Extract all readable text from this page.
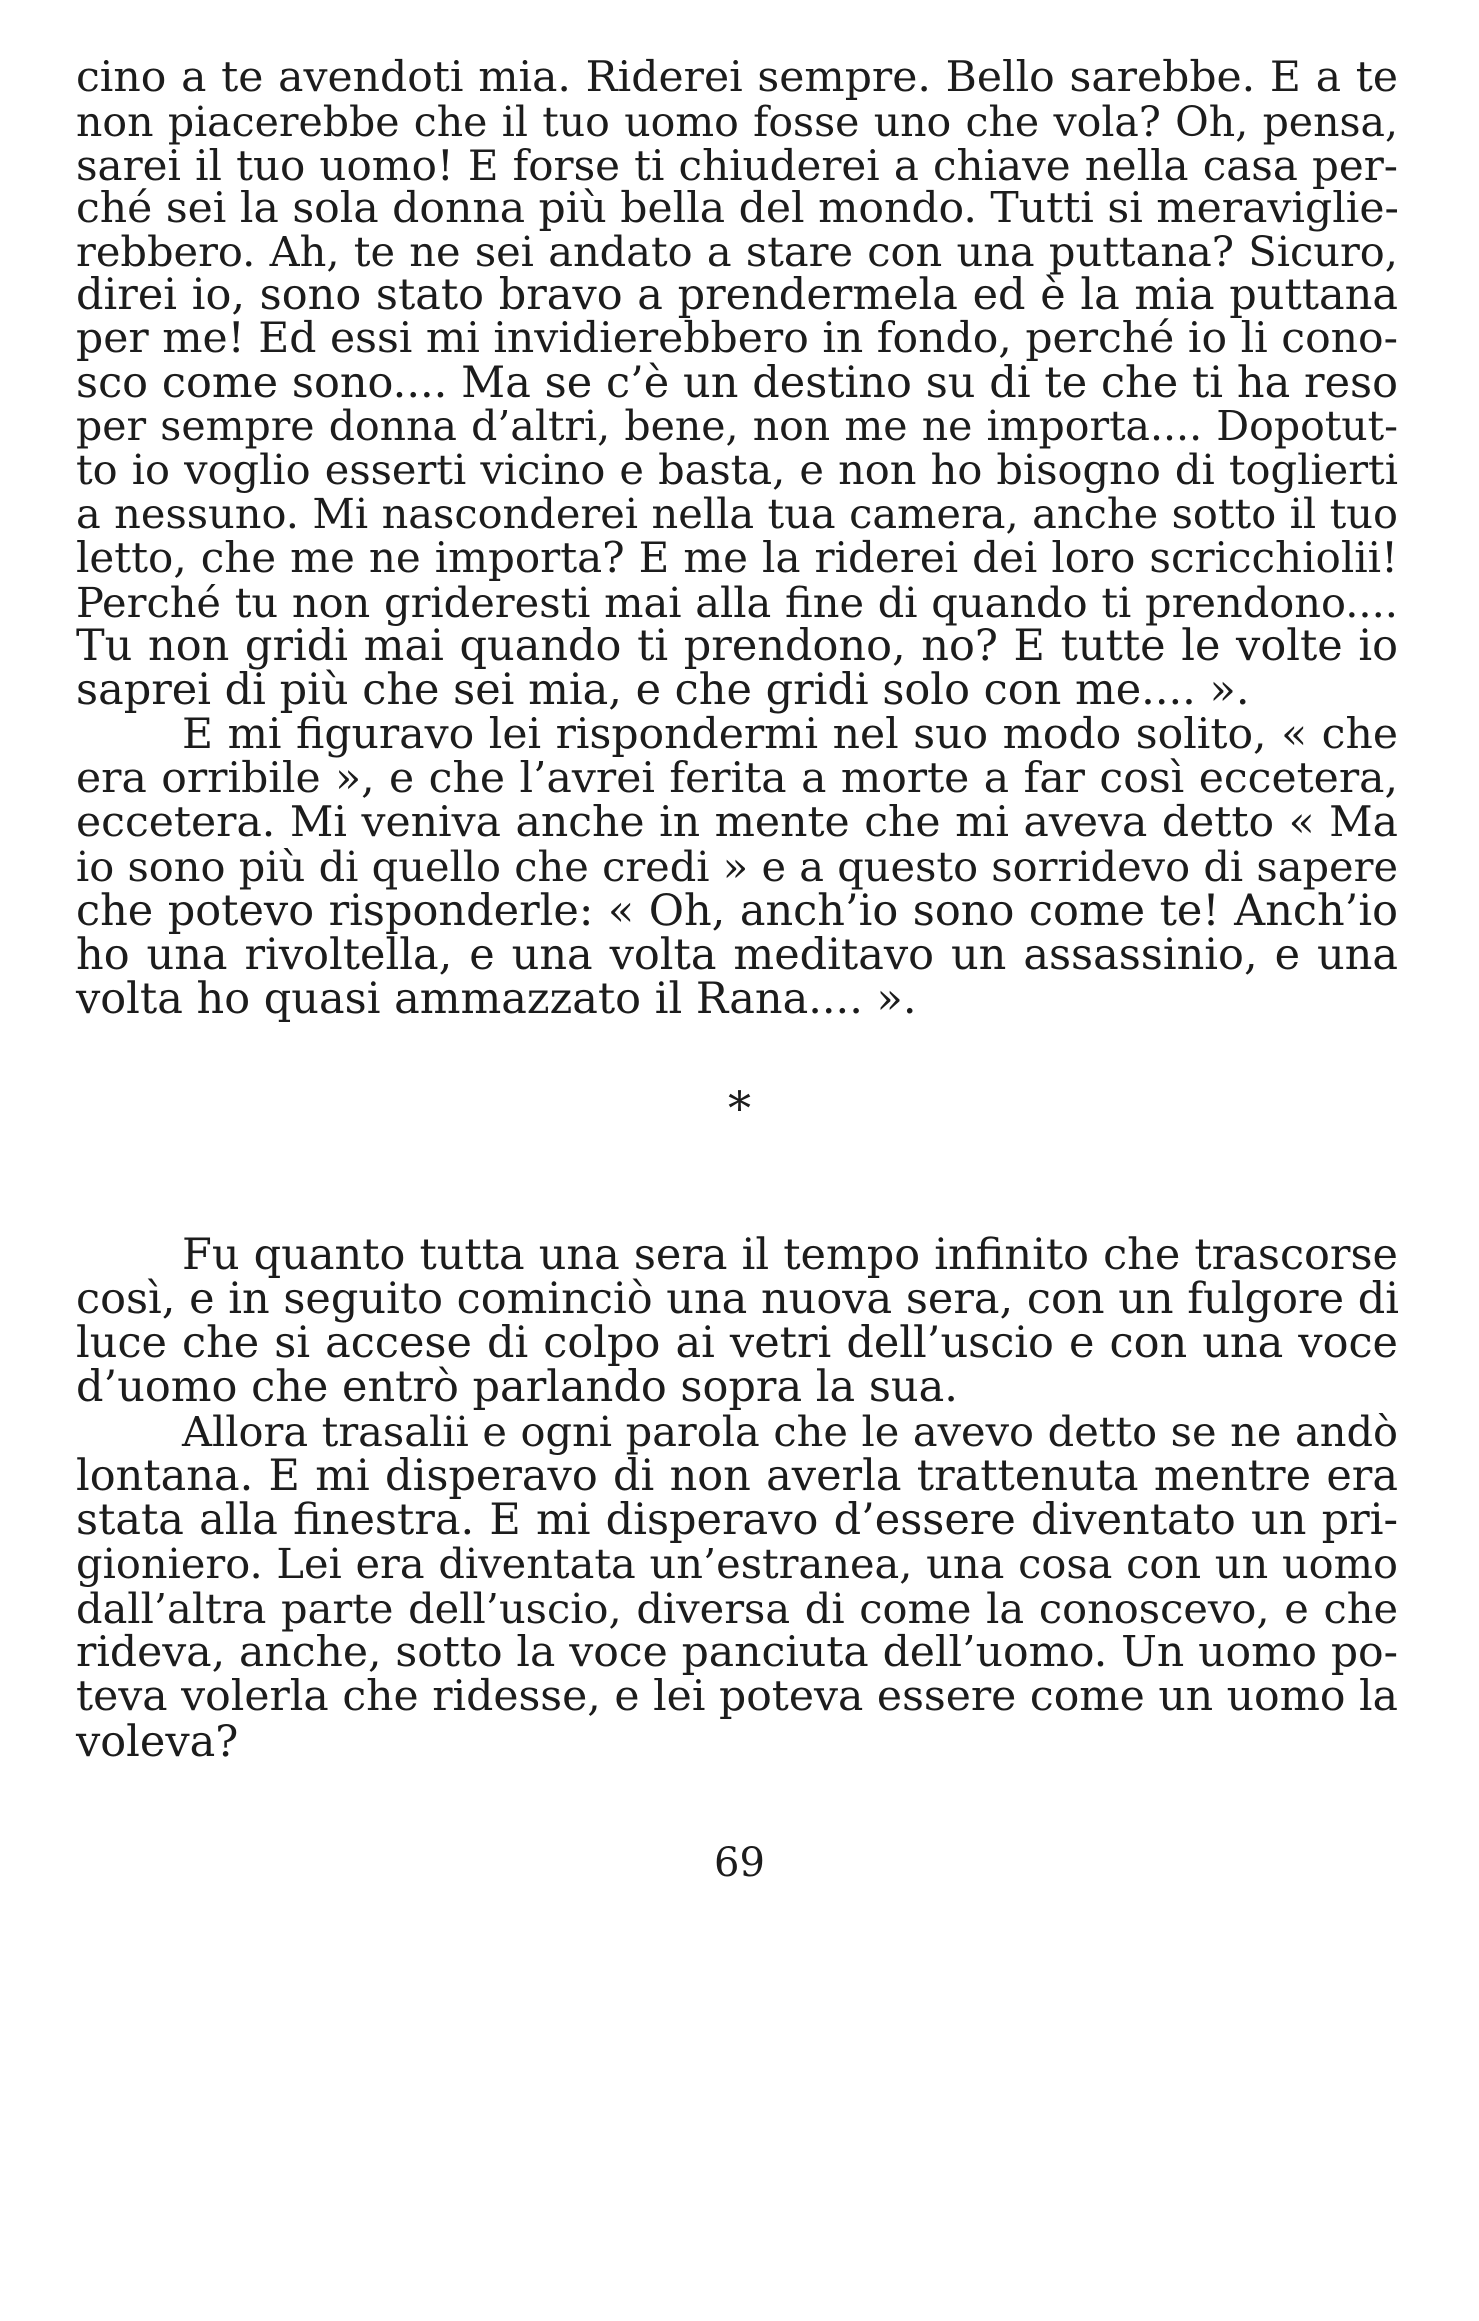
cino a te avendoti mia. Riderei sempre. Bello sarebbe. E a te
non piacerebbe che il tuo uomo fosse uno che vola? Oh, pensa,
sarei il tuo uomo! E forse ti chiuderei a chiave nella casa per-
ché sei la sola donna più bella del mondo. Tutti si meraviglie-
rebbero. Ah, te ne sei andato a stare con una puttana? Sicuro,
direi io, sono stato bravo a prendermela ed è la mia puttana
per me! Ed essi mi invidierebbero in fondo, perché io li cono-
sco come sono.... Ma se c’è un destino su di te che ti ha reso
per sempre donna d’altri, bene, non me ne importa.... Dopotut-
to io voglio esserti vicino e basta, e non ho bisogno di toglierti
a nessuno. Mi nasconderei nella tua camera, anche sotto il tuo
letto, che me ne importa? E me la riderei dei loro scricchiolii!
Perché tu non grideresti mai alla fine di quando ti prendono....
Tu non gridi mai quando ti prendono, no? E tutte le volte io
saprei di più che sei mia, e che gridi solo con me.... ».
E mi figuravo lei rispondermi nel suo modo solito, « che
era orribile », e che l’avrei ferita a morte a far così eccetera,
eccetera. Mi veniva anche in mente che mi aveva detto « Ma
io sono più di quello che credi » e a questo sorridevo di sapere
che potevo risponderle: « Oh, anch’io sono come te! Anch’io
ho una rivoltella, e una volta meditavo un assassinio, e una
volta ho quasi ammazzato il Rana.... ».
*
Fu quanto tutta una sera il tempo infinito che trascorse
così, e in seguito cominciò una nuova sera, con un fulgore di
luce che si accese di colpo ai vetri dell’uscio e con una voce
d’uomo che entrò parlando sopra la sua.
Allora trasalii e ogni parola che le avevo detto se ne andò
lontana. E mi disperavo di non averla trattenuta mentre era
stata alla finestra. E mi disperavo d’essere diventato un pri-
gioniero. Lei era diventata un’estranea, una cosa con un uomo
dall’altra parte dell’uscio, diversa di come la conoscevo, e che
rideva, anche, sotto la voce panciuta dell’uomo. Un uomo po-
teva volerla che ridesse, e lei poteva essere come un uomo la
voleva?
69
